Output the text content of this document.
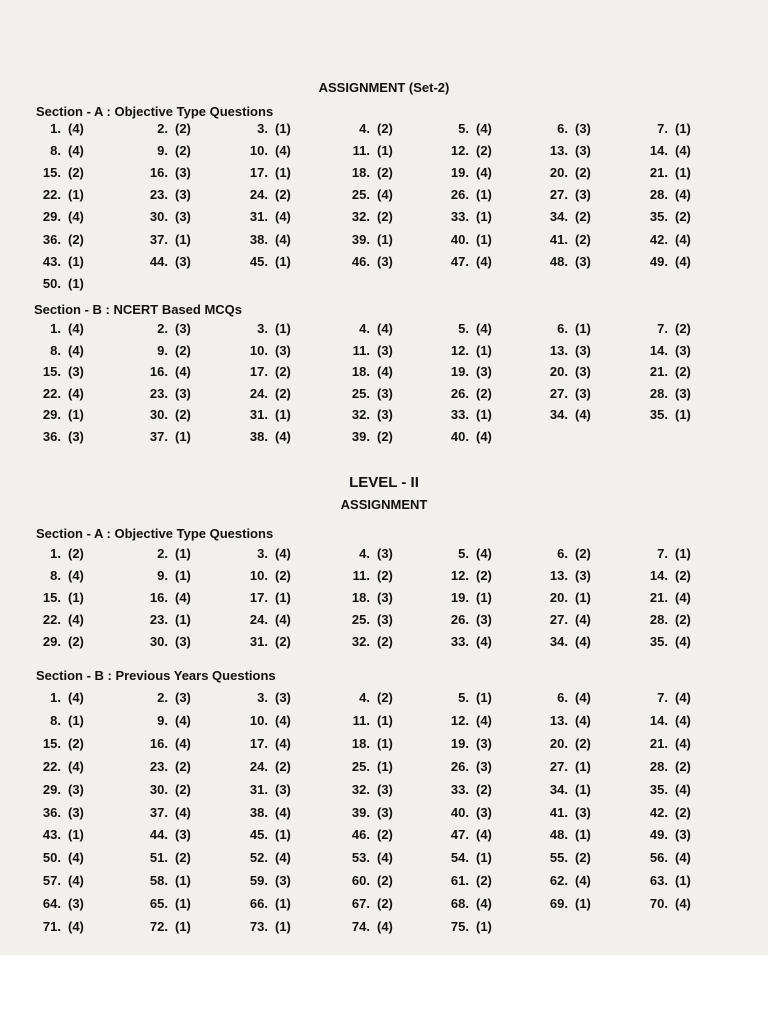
ASSIGNMENT (Set-2)
Section - A : Objective Type Questions
1. (4)	2. (2)	3. (1)	4. (2)	5. (4)	6. (3)	7. (1)
8. (4)	9. (2)	10. (4)	11. (1)	12. (2)	13. (3)	14. (4)
15. (2)	16. (3)	17. (1)	18. (2)	19. (4)	20. (2)	21. (1)
22. (1)	23. (3)	24. (2)	25. (4)	26. (1)	27. (3)	28. (4)
29. (4)	30. (3)	31. (4)	32. (2)	33. (1)	34. (2)	35. (2)
36. (2)	37. (1)	38. (4)	39. (1)	40. (1)	41. (2)	42. (4)
43. (1)	44. (3)	45. (1)	46. (3)	47. (4)	48. (3)	49. (4)
50. (1)
Section - B : NCERT Based MCQs
1. (4)	2. (3)	3. (1)	4. (4)	5. (4)	6. (1)	7. (2)
8. (4)	9. (2)	10. (3)	11. (3)	12. (1)	13. (3)	14. (3)
15. (3)	16. (4)	17. (2)	18. (4)	19. (3)	20. (3)	21. (2)
22. (4)	23. (3)	24. (2)	25. (3)	26. (2)	27. (3)	28. (3)
29. (1)	30. (2)	31. (1)	32. (3)	33. (1)	34. (4)	35. (1)
36. (3)	37. (1)	38. (4)	39. (2)	40. (4)
LEVEL - II
ASSIGNMENT
Section - A : Objective Type Questions
1. (2)	2. (1)	3. (4)	4. (3)	5. (4)	6. (2)	7. (1)
8. (4)	9. (1)	10. (2)	11. (2)	12. (2)	13. (3)	14. (2)
15. (1)	16. (4)	17. (1)	18. (3)	19. (1)	20. (1)	21. (4)
22. (4)	23. (1)	24. (4)	25. (3)	26. (3)	27. (4)	28. (2)
29. (2)	30. (3)	31. (2)	32. (2)	33. (4)	34. (4)	35. (4)
Section - B : Previous Years Questions
1. (4)	2. (3)	3. (3)	4. (2)	5. (1)	6. (4)	7. (4)
8. (1)	9. (4)	10. (4)	11. (1)	12. (4)	13. (4)	14. (4)
15. (2)	16. (4)	17. (4)	18. (1)	19. (3)	20. (2)	21. (4)
22. (4)	23. (2)	24. (2)	25. (1)	26. (3)	27. (1)	28. (2)
29. (3)	30. (2)	31. (3)	32. (3)	33. (2)	34. (1)	35. (4)
36. (3)	37. (4)	38. (4)	39. (3)	40. (3)	41. (3)	42. (2)
43. (1)	44. (3)	45. (1)	46. (2)	47. (4)	48. (1)	49. (3)
50. (4)	51. (2)	52. (4)	53. (4)	54. (1)	55. (2)	56. (4)
57. (4)	58. (1)	59. (3)	60. (2)	61. (2)	62. (4)	63. (1)
64. (3)	65. (1)	66. (1)	67. (2)	68. (4)	69. (1)	70. (4)
71. (4)	72. (1)	73. (1)	74. (4)	75. (1)
